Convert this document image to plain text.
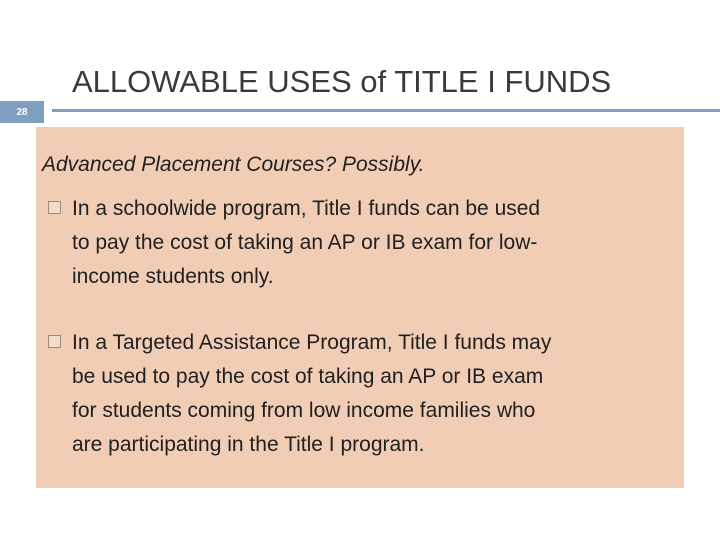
28
ALLOWABLE USES of TITLE I FUNDS
Advanced Placement Courses? Possibly.
In a schoolwide program, Title I funds can be used
to pay the cost of taking an AP or IB exam for low-
income students only.
In a Targeted Assistance Program, Title I funds may
be used to pay the cost of taking an AP or IB exam
for students coming from low income families who
are participating in the Title I program.
